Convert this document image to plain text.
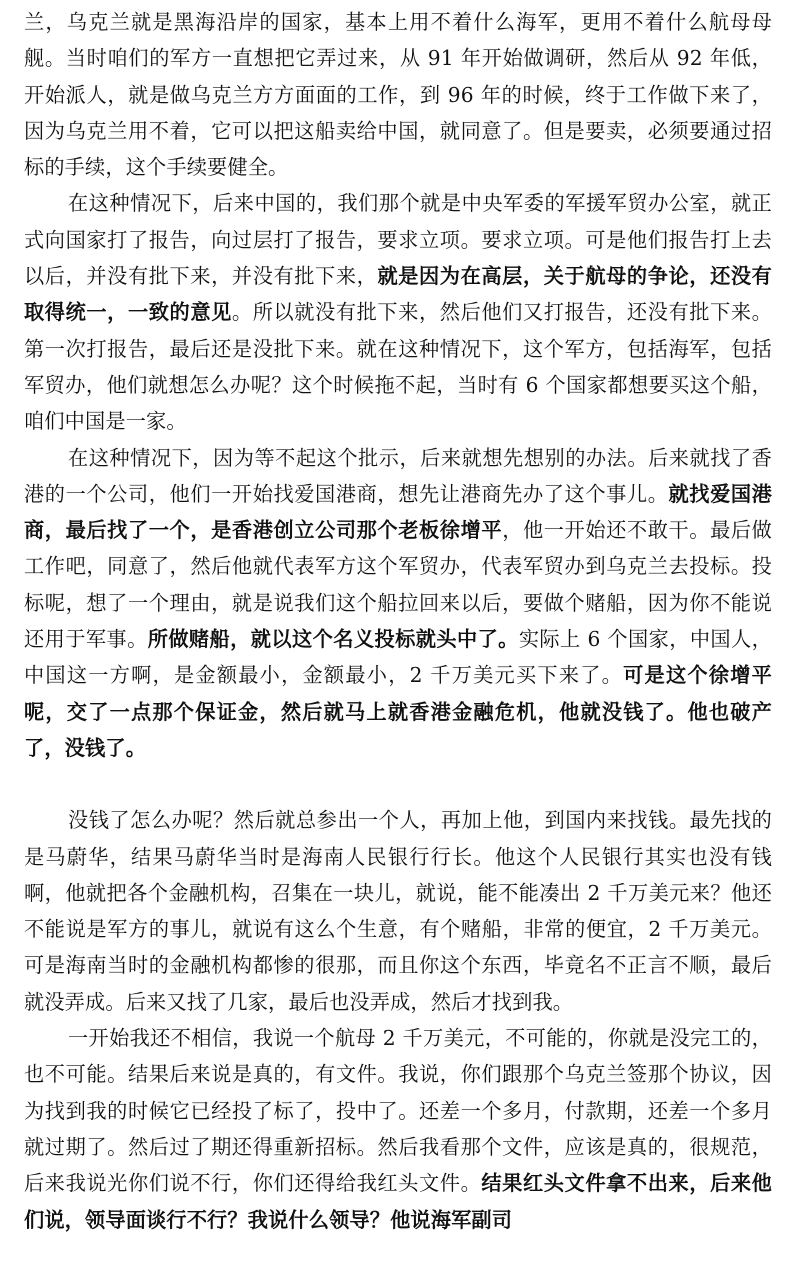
兰，乌克兰就是黑海沿岸的国家，基本上用不着什么海军，更用不着什么航母母舰。当时咱们的军方一直想把它弄过来，从 91 年开始做调研，然后从 92 年低，开始派人，就是做乌克兰方方面面的工作，到 96 年的时候，终于工作做下来了，因为乌克兰用不着，它可以把这船卖给中国，就同意了。但是要卖，必须要通过招标的手续，这个手续要健全。

在这种情况下，后来中国的，我们那个就是中央军委的军援军贸办公室，就正式向国家打了报告，向过层打了报告，要求立项。要求立项。可是他们报告打上去以后，并没有批下来，并没有批下来，就是因为在高层，关于航母的争论，还没有取得统一，一致的意见。所以就没有批下来，然后他们又打报告，还没有批下来。第一次打报告，最后还是没批下来。就在这种情况下，这个军方，包括海军，包括军贸办，他们就想怎么办呢？这个时候拖不起，当时有 6 个国家都想要买这个船，咱们中国是一家。

在这种情况下，因为等不起这个批示，后来就想先想别的办法。后来就找了香港的一个公司，他们一开始找爱国港商，想先让港商先办了这个事儿。就找爱国港商，最后找了一个，是香港创立公司那个老板徐增平，他一开始还不敢干。最后做工作吧，同意了，然后他就代表军方这个军贸办，代表军贸办到乌克兰去投标。投标呢，想了一个理由，就是说我们这个船拉回来以后，要做个赌船，因为你不能说还用于军事。所做赌船，就以这个名义投标就头中了。实际上 6 个国家，中国人，中国这一方啊，是金额最小，金额最小，2 千万美元买下来了。可是这个徐增平呢，交了一点那个保证金，然后就马上就香港金融危机，他就没钱了。他也破产了，没钱了。

没钱了怎么办呢？然后就总参出一个人，再加上他，到国内来找钱。最先找的是马蔚华，结果马蔚华当时是海南人民银行行长。他这个人民银行其实也没有钱啊，他就把各个金融机构，召集在一块儿，就说，能不能凑出 2 千万美元来？他还不能说是军方的事儿，就说有这么个生意，有个赌船，非常的便宜，2 千万美元。可是海南当时的金融机构都惨的很那，而且你这个东西，毕竟名不正言不顺，最后就没弄成。后来又找了几家，最后也没弄成，然后才找到我。

一开始我还不相信，我说一个航母 2 千万美元，不可能的，你就是没完工的，也不可能。结果后来说是真的，有文件。我说，你们跟那个乌克兰签那个协议，因为找到我的时候它已经投了标了，投中了。还差一个多月，付款期，还差一个多月就过期了。然后过了期还得重新招标。然后我看那个文件，应该是真的，很规范，后来我说光你们说不行，你们还得给我红头文件。结果红头文件拿不出来，后来他们说，领导面谈行不行？我说什么领导？他说海军副司
